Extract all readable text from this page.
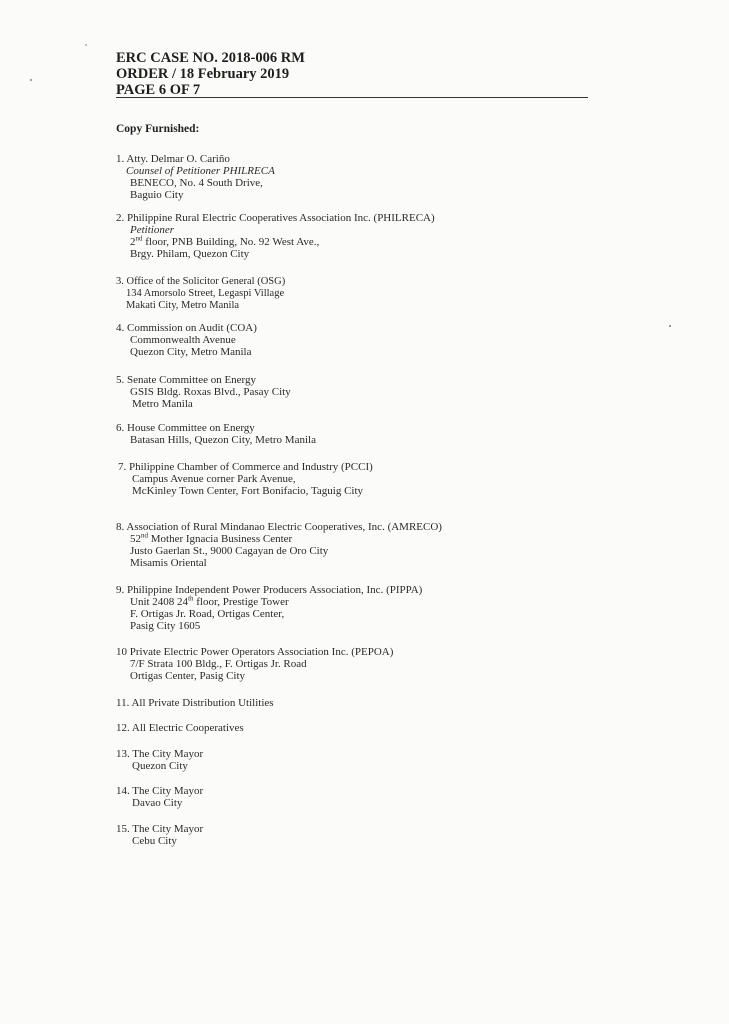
ERC CASE NO. 2018-006 RM
ORDER / 18 February 2019
PAGE 6 OF 7
Copy Furnished:
1. Atty. Delmar O. Cariño
Counsel of Petitioner PHILRECA
BENECO, No. 4 South Drive,
Baguio City
2. Philippine Rural Electric Cooperatives Association Inc. (PHILRECA)
Petitioner
2nd floor, PNB Building, No. 92 West Ave.,
Brgy. Philam, Quezon City
3. Office of the Solicitor General (OSG)
134 Amorsolo Street, Legaspi Village
Makati City, Metro Manila
4. Commission on Audit (COA)
Commonwealth Avenue
Quezon City, Metro Manila
5. Senate Committee on Energy
GSIS Bldg. Roxas Blvd., Pasay City
Metro Manila
6. House Committee on Energy
Batasan Hills, Quezon City, Metro Manila
7. Philippine Chamber of Commerce and Industry (PCCI)
Campus Avenue corner Park Avenue,
McKinley Town Center, Fort Bonifacio, Taguig City
8. Association of Rural Mindanao Electric Cooperatives, Inc. (AMRECO)
52nd Mother Ignacia Business Center
Justo Gaerlan St., 9000 Cagayan de Oro City
Misamis Oriental
9. Philippine Independent Power Producers Association, Inc. (PIPPA)
Unit 2408 24th floor, Prestige Tower
F. Ortigas Jr. Road, Ortigas Center,
Pasig City 1605
10 Private Electric Power Operators Association Inc. (PEPOA)
7/F Strata 100 Bldg., F. Ortigas Jr. Road
Ortigas Center, Pasig City
11. All Private Distribution Utilities
12. All Electric Cooperatives
13. The City Mayor
Quezon City
14. The City Mayor
Davao City
15. The City Mayor
Cebu City
